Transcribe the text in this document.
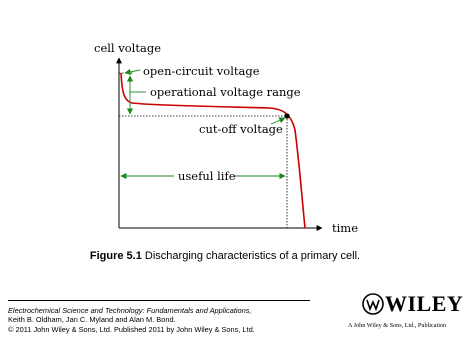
cell voltage
time
open-circuit voltage
operational voltage range
cut-off voltage
useful life
Figure 5.1 Discharging characteristics of a primary cell.
Electrochemical Science and Technology: Fundamentals and Applications,
Keith B. Oldham, Jan C. Myland and Alan M. Bond.
© 2011 John Wiley & Sons, Ltd. Published 2011 by John Wiley & Sons, Ltd.
WILEY
A John Wiley & Sons, Ltd., Publication
